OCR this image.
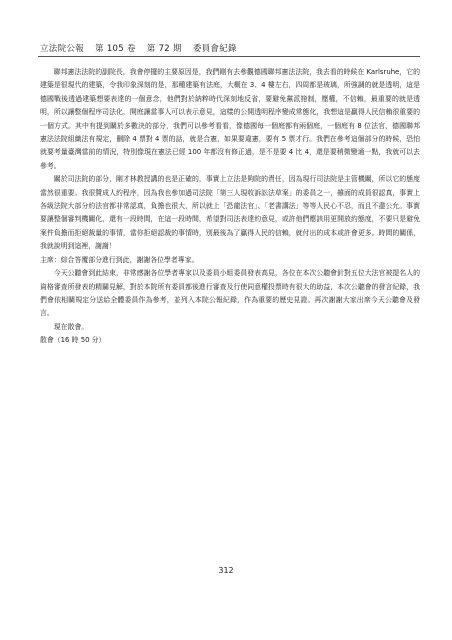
立法院公報 第 105 卷 第 72 期 委員會紀錄

聯邦憲法法院的副院長，我會停擺的主要原因是，我們剛有去參觀德國聯邦憲法法院，我去看的時候在 Karlsruhe，它的建築是很現代的建築，令我印象深刻的是，那種建築有法庭，大概在 3、4 樓左右，四周都是玻璃，所強調的就是透明，這是德國戰後透過建築想要表達的一個意念，他們對於納粹時代深刻地反省，要避免黨派箝制，壓權，不信賴，最重要的就是透明，所以讓整個程序司法化，開庭讓當事人可以表示意見，這樣的公開透明程序變成常態化，我想這是贏得人民信賴很重要的一個方式。其中有提到關於多數決的部分，我們可以參考看看，像德國每一個庭都有兩個庭，一個庭有 8 位法官，德國聯邦憲法法院組織法有規定，刪除 4 票對 4 票的話，就是合憲，如果要違憲，要有 5 票才行。我們在參考這個部分的時候，恐怕就要考量臺灣當前的情況，特別像現在憲法已經 100 年都沒有修正過，是不是要 4 比 4，還是要稍微變通一點，我就可以去參考。

關於司法院的部分，剛才林教授講的也是正確的，事實上立法是夠院的責任，因為現行司法院是主管機關，所以它的態度當然很重要。我很贊成人約程序，因為我也參加過司法院「第三人現收訴訟法草案」的委員之一，雖面的成員很認真，事實上各級法院大部分約法官都非常認真，負擔也很大，所以就上「恐龍法官」、「老書講法」等等人民心不忍，而且不盡公允。事實要讓整個審判機關化，還有一段時間，在這一段時間，希望對司法表達約意見，或許他們應該用更開放約態度，不要只是避免案件負擔而拒絕裁量的事情，當你拒絕認裁的事情時，別最後為了贏得人民的信賴，就付出的成本或許會更多。時間的關係，我就說明到這裡，謝謝！

主席：綜合答覆部分進行到此，謝謝各位學者專家。

今天公聽會到此結束，非常感謝各位學者專家以及委員小組委員發表高見，各位在本次公聽會針對五位大法官被提名人的資格審查所發表的精闢見解，對於本院所有委員都後進行審查及行使同意權投票時有很大的助益，本次公聽會的發言紀錄，我們會依相關規定分送給全體委員作為參考，並列入本院公報紀錄，作為重要的歷史見證。再次謝謝大家出席今天公聽會及發言。

現在散會。

散會（16 時 50 分）

312
